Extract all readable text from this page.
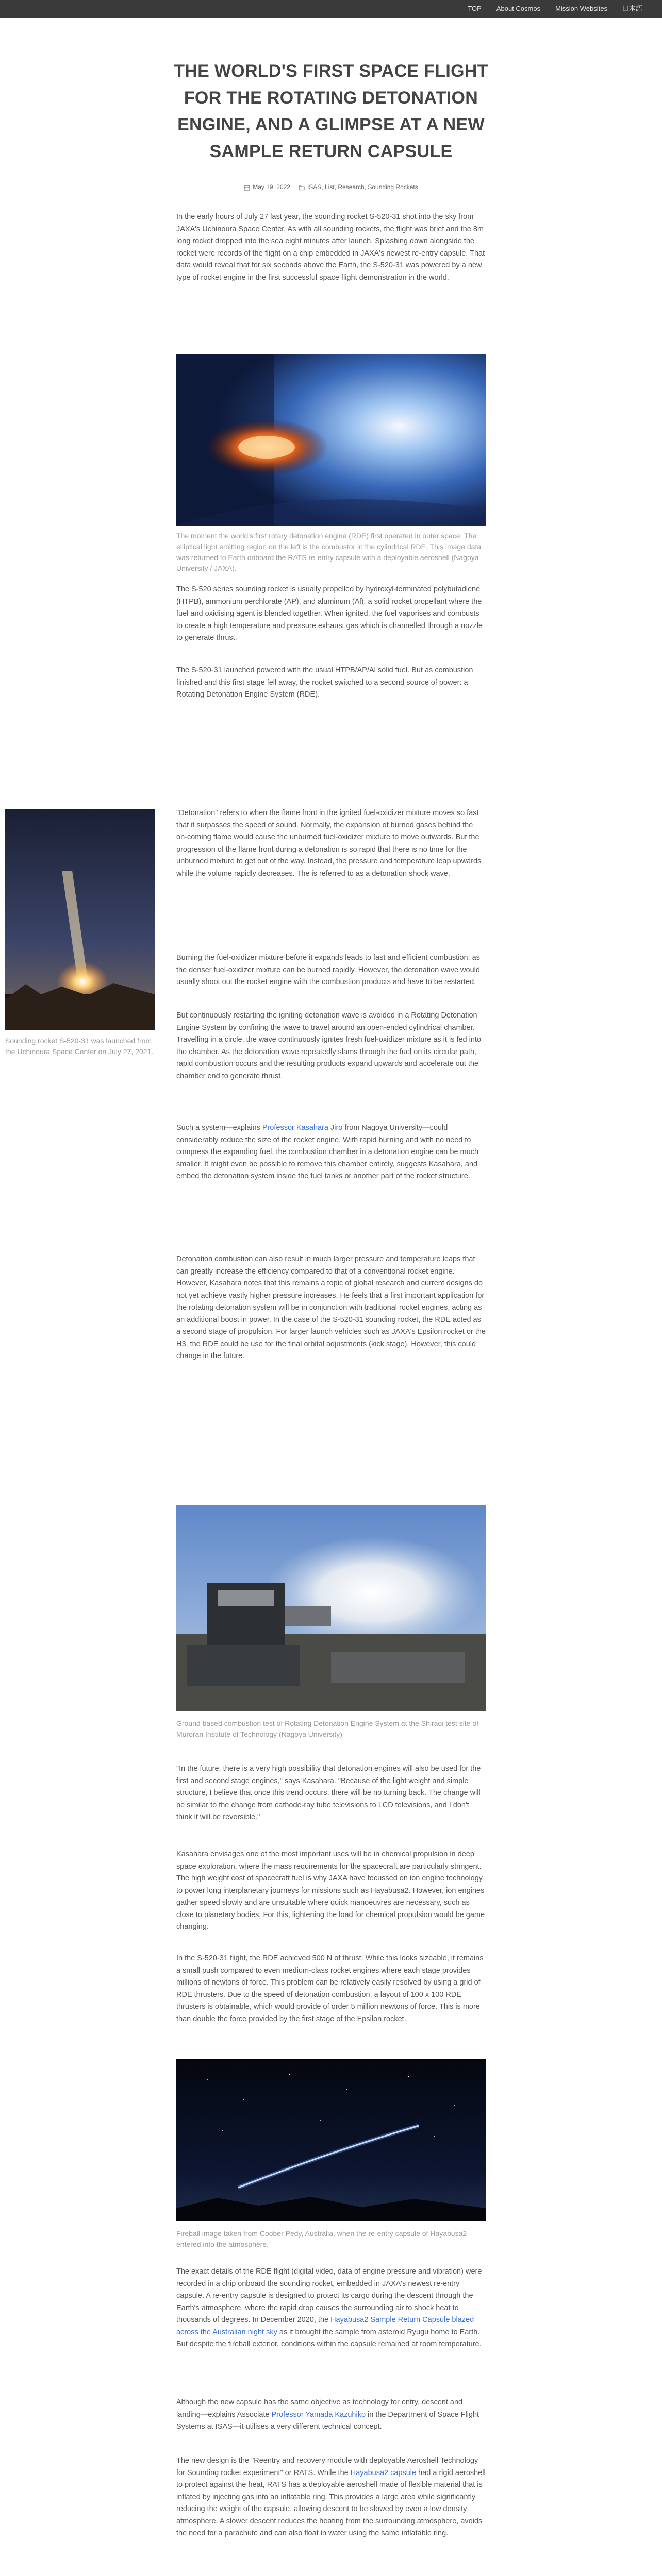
TOP	About Cosmos	Mission Websites	日本語
THE WORLD'S FIRST SPACE FLIGHT FOR THE ROTATING DETONATION ENGINE, AND A GLIMPSE AT A NEW SAMPLE RETURN CAPSULE
May 19, 2022	ISAS, List, Research, Sounding Rockets

In the early hours of July 27 last year, the sounding rocket S-520-31 shot into the sky from JAXA's Uchinoura Space Center. As with all sounding rockets, the flight was brief and the 8m long rocket dropped into the sea eight minutes after launch. Splashing down alongside the rocket were records of the flight on a chip embedded in JAXA's newest re-entry capsule. That data would reveal that for six seconds above the Earth, the S-520-31 was powered by a new type of rocket engine in the first successful space flight demonstration in the world.

The moment the world's first rotary detonation engine (RDE) first operated in outer space. The elliptical light emitting region on the left is the combustor in the cylindrical RDE. This image data was returned to Earth onboard the RATS re-entry capsule with a deployable aeroshell (Nagoya University / JAXA).

The S-520 series sounding rocket is usually propelled by hydroxyl-terminated polybutadiene (HTPB), ammonium perchlorate (AP), and aluminum (Al): a solid rocket propellant where the fuel and oxidising agent is blended together. When ignited, the fuel vaporises and combusts to create a high temperature and pressure exhaust gas which is channelled through a nozzle to generate thrust.

The S-520-31 launched powered with the usual HTPB/AP/Al solid fuel. But as combustion finished and this first stage fell away, the rocket switched to a second source of power: a Rotating Detonation Engine System (RDE).

Sounding rocket S-520-31 was launched from the Uchinoura Space Center on July 27, 2021.

"Detonation" refers to when the flame front in the ignited fuel-oxidizer mixture moves so fast that it surpasses the speed of sound. Normally, the expansion of burned gases behind the on-coming flame would cause the unburned fuel-oxidizer mixture to move outwards. But the progression of the flame front during a detonation is so rapid that there is no time for the unburned mixture to get out of the way. Instead, the pressure and temperature leap upwards while the volume rapidly decreases. The is referred to as a detonation shock wave.

Burning the fuel-oxidizer mixture before it expands leads to fast and efficient combustion, as the denser fuel-oxidizer mixture can be burned rapidly. However, the detonation wave would usually shoot out the rocket engine with the combustion products and have to be restarted.

But continuously restarting the igniting detonation wave is avoided in a Rotating Detonation Engine System by confining the wave to travel around an open-ended cylindrical chamber. Travelling in a circle, the wave continuously ignites fresh fuel-oxidizer mixture as it is fed into the chamber. As the detonation wave repeatedly slams through the fuel on its circular path, rapid combustion occurs and the resulting products expand upwards and accelerate out the chamber end to generate thrust.

Such a system—explains Professor Kasahara Jiro from Nagoya University—could considerably reduce the size of the rocket engine. With rapid burning and with no need to compress the expanding fuel, the combustion chamber in a detonation engine can be much smaller. It might even be possible to remove this chamber entirely, suggests Kasahara, and embed the detonation system inside the fuel tanks or another part of the rocket structure.

Detonation combustion can also result in much larger pressure and temperature leaps that can greatly increase the efficiency compared to that of a conventional rocket engine. However, Kasahara notes that this remains a topic of global research and current designs do not yet achieve vastly higher pressure increases. He feels that a first important application for the rotating detonation system will be in conjunction with traditional rocket engines, acting as an additional boost in power. In the case of the S-520-31 sounding rocket, the RDE acted as a second stage of propulsion. For larger launch vehicles such as JAXA's Epsilon rocket or the H3, the RDE could be use for the final orbital adjustments (kick stage). However, this could change in the future.

Ground based combustion test of Rotating Detonation Engine System at the Shiraoi test site of Muroran Institute of Technology (Nagoya University)

"In the future, there is a very high possibility that detonation engines will also be used for the first and second stage engines," says Kasahara. "Because of the light weight and simple structure, I believe that once this trend occurs, there will be no turning back. The change will be similar to the change from cathode-ray tube televisions to LCD televisions, and I don't think it will be reversible."

Kasahara envisages one of the most important uses will be in chemical propulsion in deep space exploration, where the mass requirements for the spacecraft are particularly stringent. The high weight cost of spacecraft fuel is why JAXA have focussed on ion engine technology to power long interplanetary journeys for missions such as Hayabusa2. However, ion engines gather speed slowly and are unsuitable where quick manoeuvres are necessary, such as close to planetary bodies. For this, lightening the load for chemical propulsion would be game changing.

In the S-520-31 flight, the RDE achieved 500 N of thrust. While this looks sizeable, it remains a small push compared to even medium-class rocket engines where each stage provides millions of newtons of force. This problem can be relatively easily resolved by using a grid of RDE thrusters. Due to the speed of detonation combustion, a layout of 100 x 100 RDE thrusters is obtainable, which would provide of order 5 million newtons of force. This is more than double the force provided by the first stage of the Epsilon rocket.

Fireball image taken from Coober Pedy, Australia, when the re-entry capsule of Hayabusa2 entered into the atmosphere.

The exact details of the RDE flight (digital video, data of engine pressure and vibration) were recorded in a chip onboard the sounding rocket, embedded in JAXA's newest re-entry capsule. A re-entry capsule is designed to protect its cargo during the descent through the Earth's atmosphere, where the rapid drop causes the surrounding air to shock heat to thousands of degrees. In December 2020, the Hayabusa2 Sample Return Capsule blazed across the Australian night sky as it brought the sample from asteroid Ryugu home to Earth. But despite the fireball exterior, conditions within the capsule remained at room temperature.

Although the new capsule has the same objective as technology for entry, descent and landing—explains Associate Professor Yamada Kazuhiko in the Department of Space Flight Systems at ISAS—it utilises a very different technical concept.

The new design is the "Reentry and recovery module with deployable Aeroshell Technology for Sounding rocket experiment" or RATS. While the Hayabusa2 capsule had a rigid aeroshell to protect against the heat, RATS has a deployable aeroshell made of flexible material that is inflated by injecting gas into an inflatable ring. This provides a large area while significantly reducing the weight of the capsule, allowing descent to be slowed by even a low density atmosphere. A slower descent reduces the heating from the surrounding atmosphere, avoids the need for a parachute and can also float in water using the same inflatable ring.
